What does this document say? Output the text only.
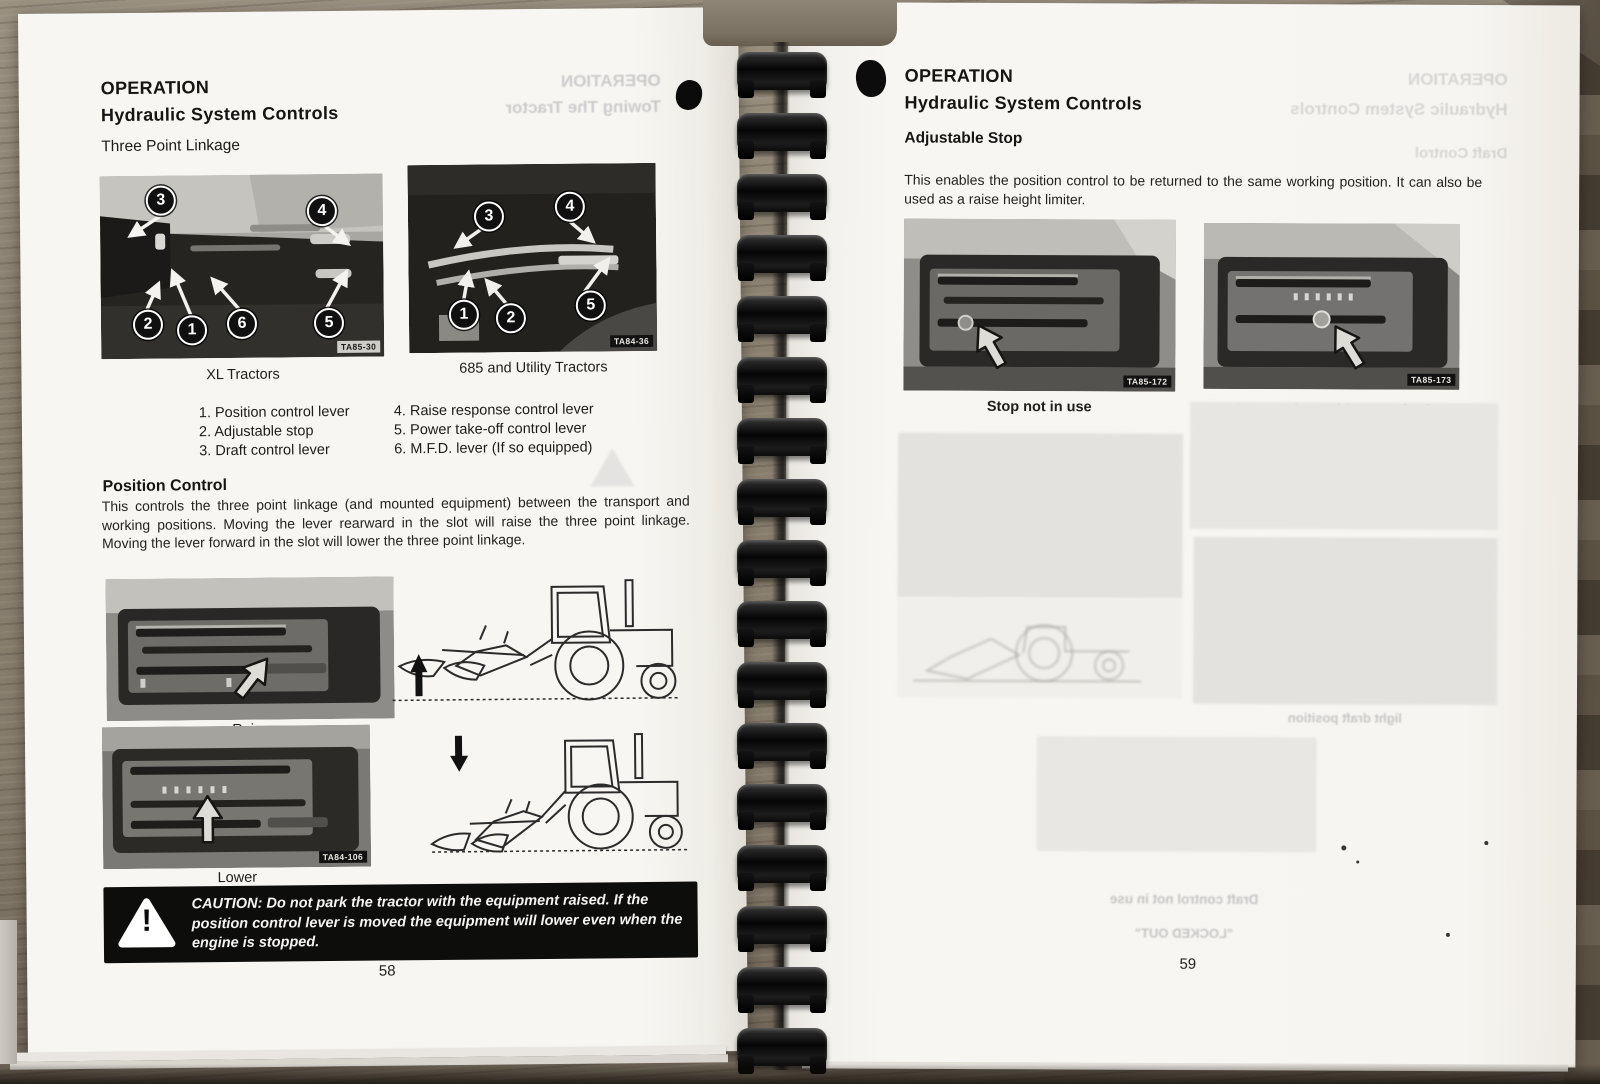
OPERATION
Hydraulic System Controls
Three Point Linkage
OPERATION
Towing The Tractor
3
4
2	1	6	5
TA85-30
XL Tractors
3
4
1	2
5
TA84-36
685 and Utility Tractors
1. Position control lever
2. Adjustable stop
3. Draft control lever
4. Raise response control lever
5. Power take-off control lever
6. M.F.D. lever (If so equipped)
Position Control
This controls the three point linkage (and mounted equipment) between the transport and working positions. Moving the lever rearward in the slot will raise the three point linkage. Moving the lever forward in the slot will lower the three point linkage.
TA84-106
Lower
!
CAUTION: Do not park the tractor with the equipment raised. If the position control lever is moved the equipment will lower even when the engine is stopped.
58
OPERATION
Hydraulic System Controls
Adjustable Stop
OPERATION
Hydraulic System Controls
Draft Control
This enables the position control to be returned to the same working position. It can also be used as a raise height limiter.
TA85-172
Stop not in use
TA85-173
light draft position
Draft control not in use
"LOCKED OUT"
59
